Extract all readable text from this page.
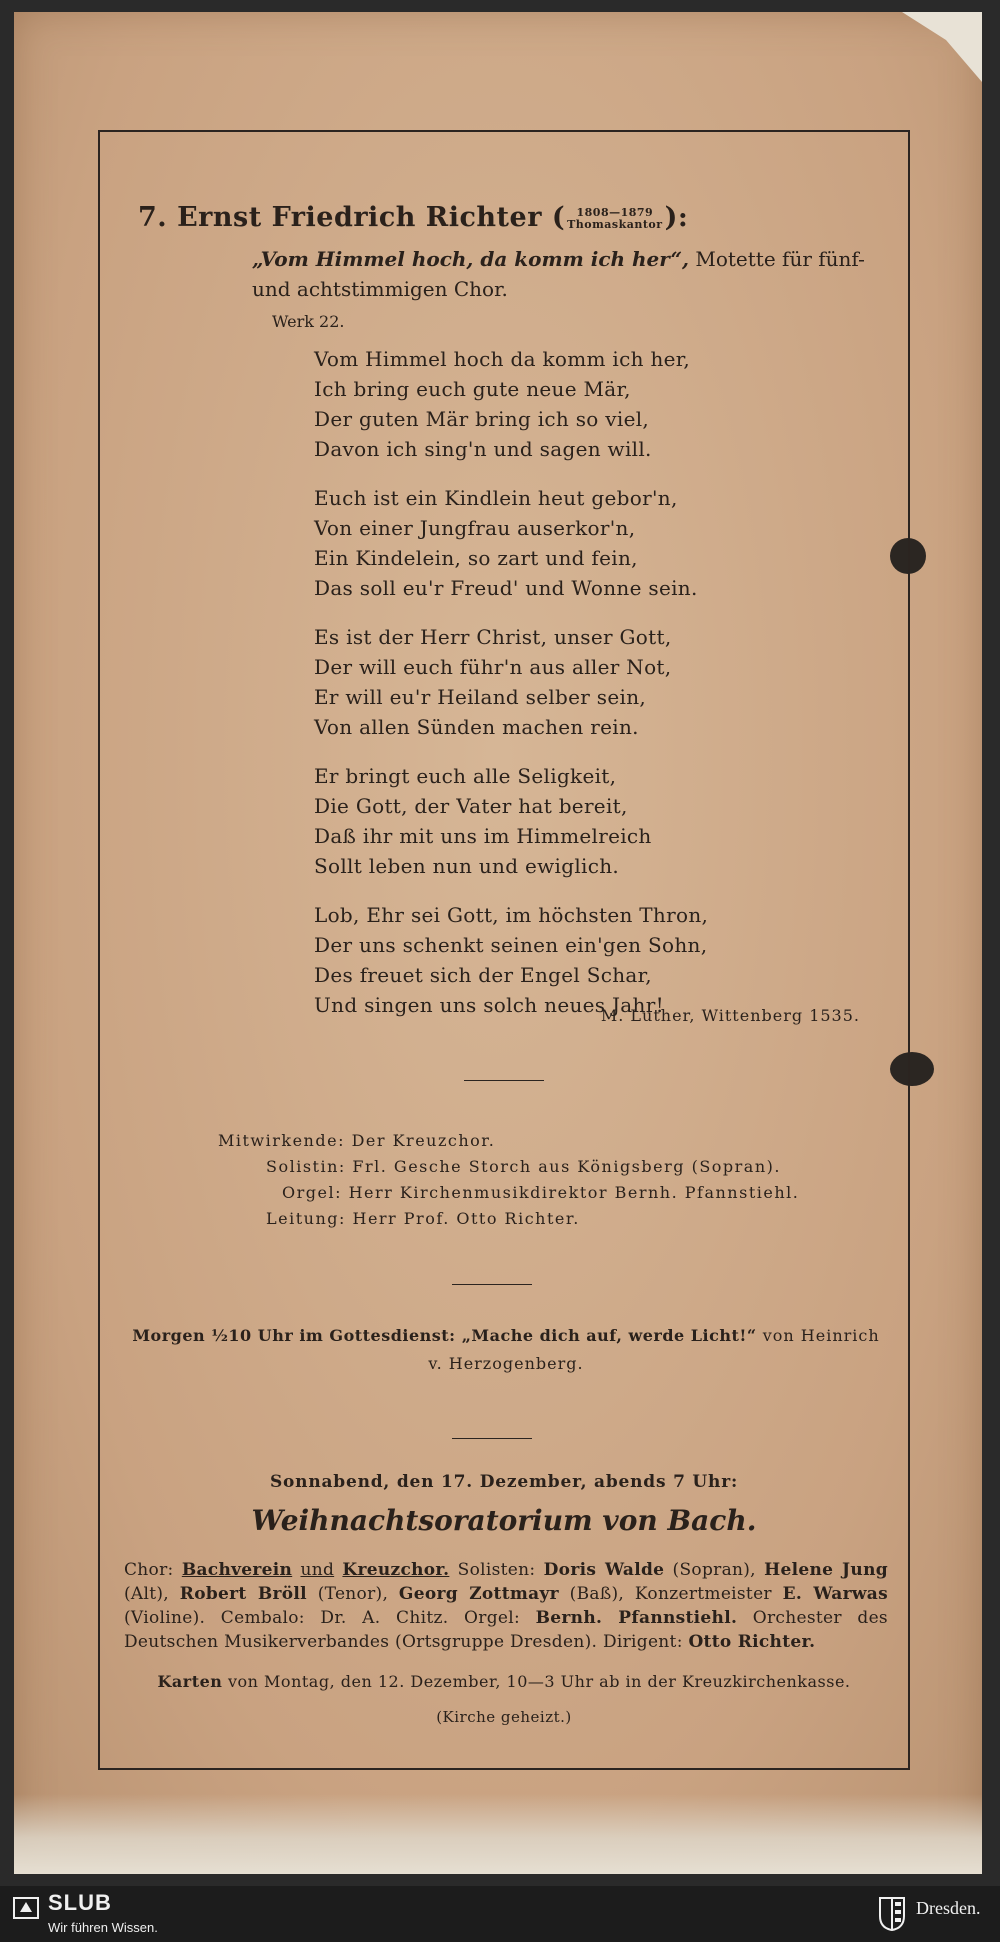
7. Ernst Friedrich Richter (	1808—1879
Thomaskantor ):
„Vom Himmel hoch, da komm ich her“, Motette für fünf- und achtstimmigen Chor.
Werk 22.
Vom Himmel hoch da komm ich her,
Ich bring euch gute neue Mär,
Der guten Mär bring ich so viel,
Davon ich sing'n und sagen will.
Euch ist ein Kindlein heut gebor'n,
Von einer Jungfrau auserkor'n,
Ein Kindelein, so zart und fein,
Das soll eu'r Freud' und Wonne sein.
Es ist der Herr Christ, unser Gott,
Der will euch führ'n aus aller Not,
Er will eu'r Heiland selber sein,
Von allen Sünden machen rein.
Er bringt euch alle Seligkeit,
Die Gott, der Vater hat bereit,
Daß ihr mit uns im Himmelreich
Sollt leben nun und ewiglich.
Lob, Ehr sei Gott, im höchsten Thron,
Der uns schenkt seinen ein'gen Sohn,
Des freuet sich der Engel Schar,
Und singen uns solch neues Jahr!
M. Luther, Wittenberg 1535.
Mitwirkende: Der Kreuzchor.
Solistin: Frl. Gesche Storch aus Königsberg (Sopran).
Orgel: Herr Kirchenmusikdirektor Bernh. Pfannstiehl.
Leitung: Herr Prof. Otto Richter.
Morgen ½10 Uhr im Gottesdienst: „Mache dich auf, werde Licht!“ von Heinrich v. Herzogenberg.
Sonnabend, den 17. Dezember, abends 7 Uhr:
Weihnachtsoratorium von Bach.
Chor: Bachverein und Kreuzchor. Solisten: Doris Walde (Sopran), Helene Jung (Alt), Robert Bröll (Tenor), Georg Zottmayr (Baß), Konzertmeister E. Warwas (Violine). Cembalo: Dr. A. Chitz. Orgel: Bernh. Pfannstiehl. Orchester des Deutschen Musikerverbandes (Ortsgruppe Dresden). Dirigent: Otto Richter.
Karten von Montag, den 12. Dezember, 10—3 Uhr ab in der Kreuzkirchenkasse.
(Kirche geheizt.)
SLUB
Wir führen Wissen.
Dresden.
